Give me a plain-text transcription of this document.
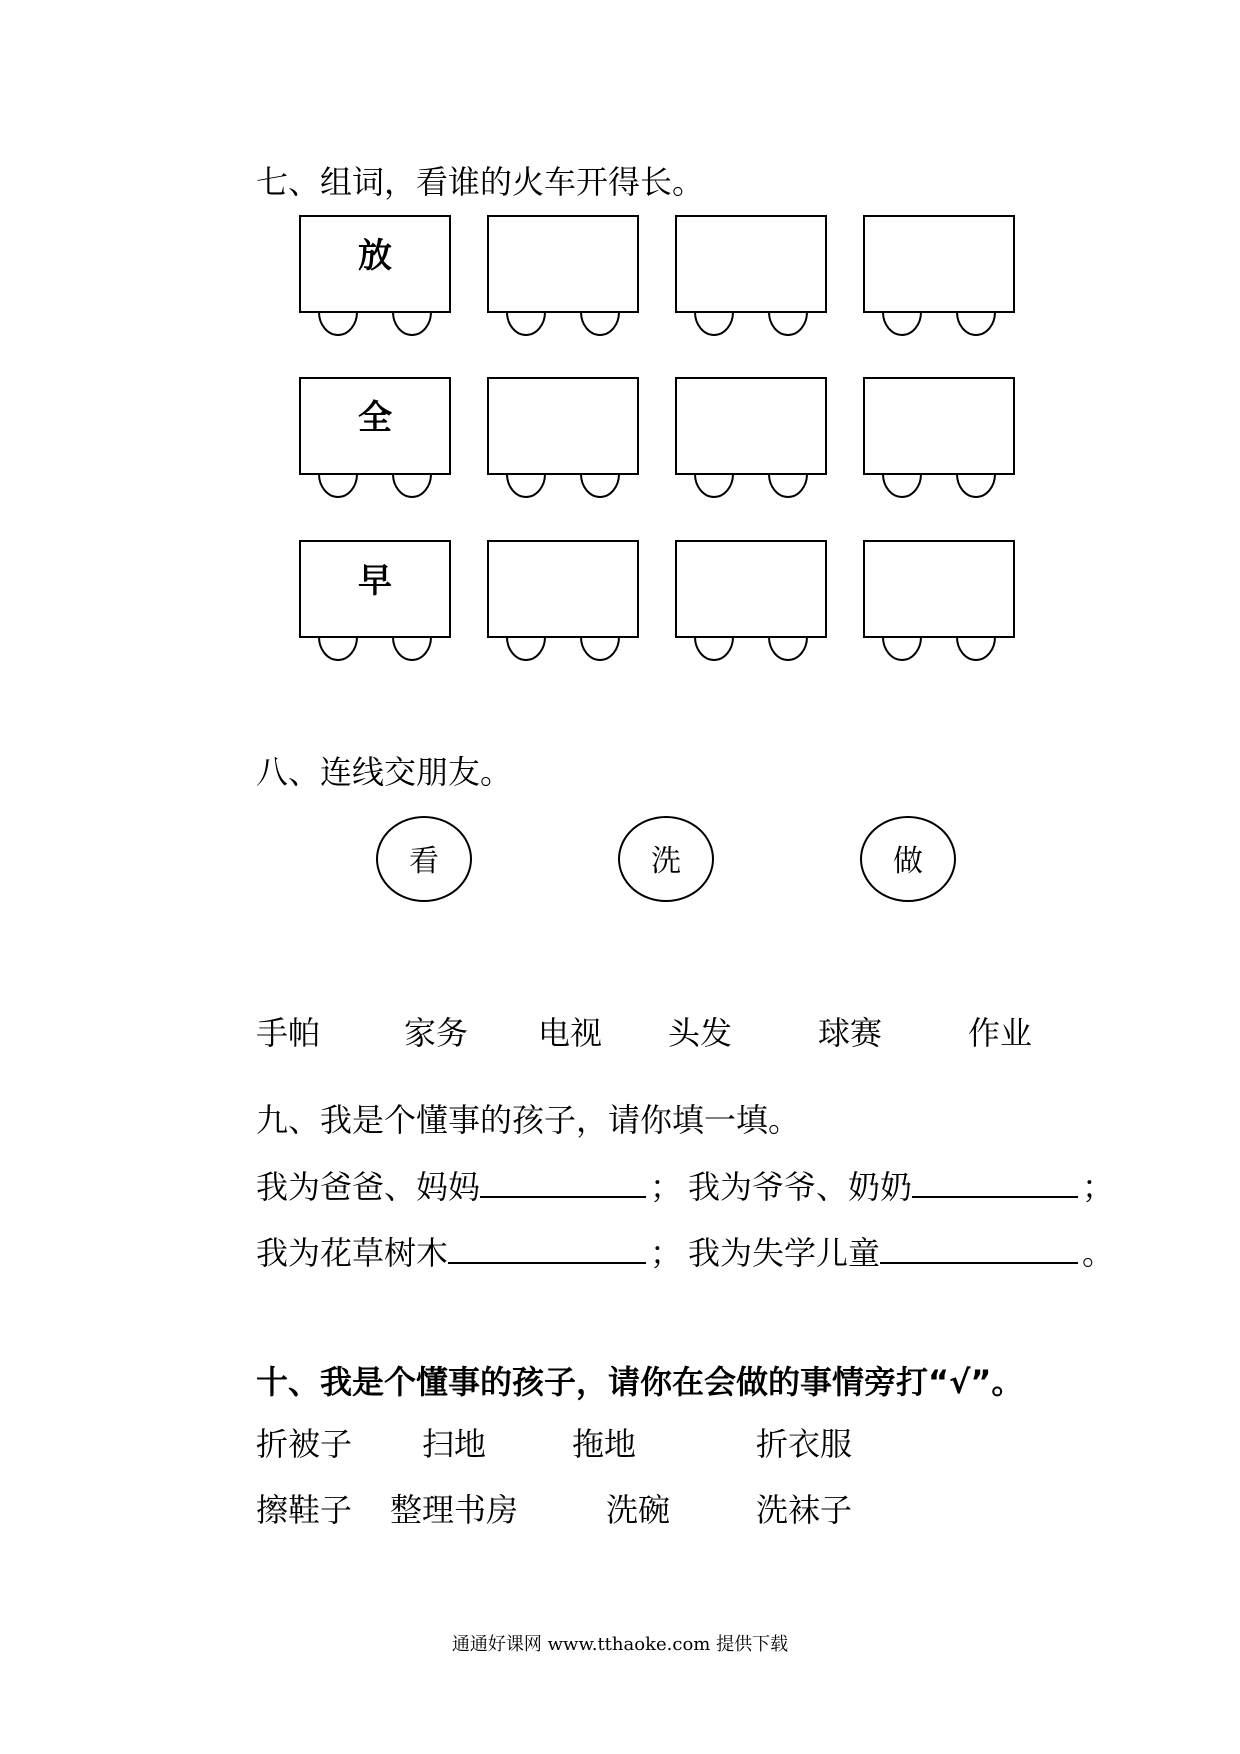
七、组词，看谁的火车开得长。
放
全
早
八、连线交朋友。
看	洗	做
手帕	家务 电视 头发	球赛	作业
九、我是个懂事的孩子，请你填一填。
我为爸爸、妈妈	； 我为爷爷、奶奶	；
我为花草树木	； 我为失学儿童	。
十、我是个懂事的孩子，请你在会做的事情旁打“√”。
折被子 扫地	拖地	折衣服
擦鞋子 整理书房	洗碗	洗袜子
通通好课网 www.tthaoke.com 提供下载
